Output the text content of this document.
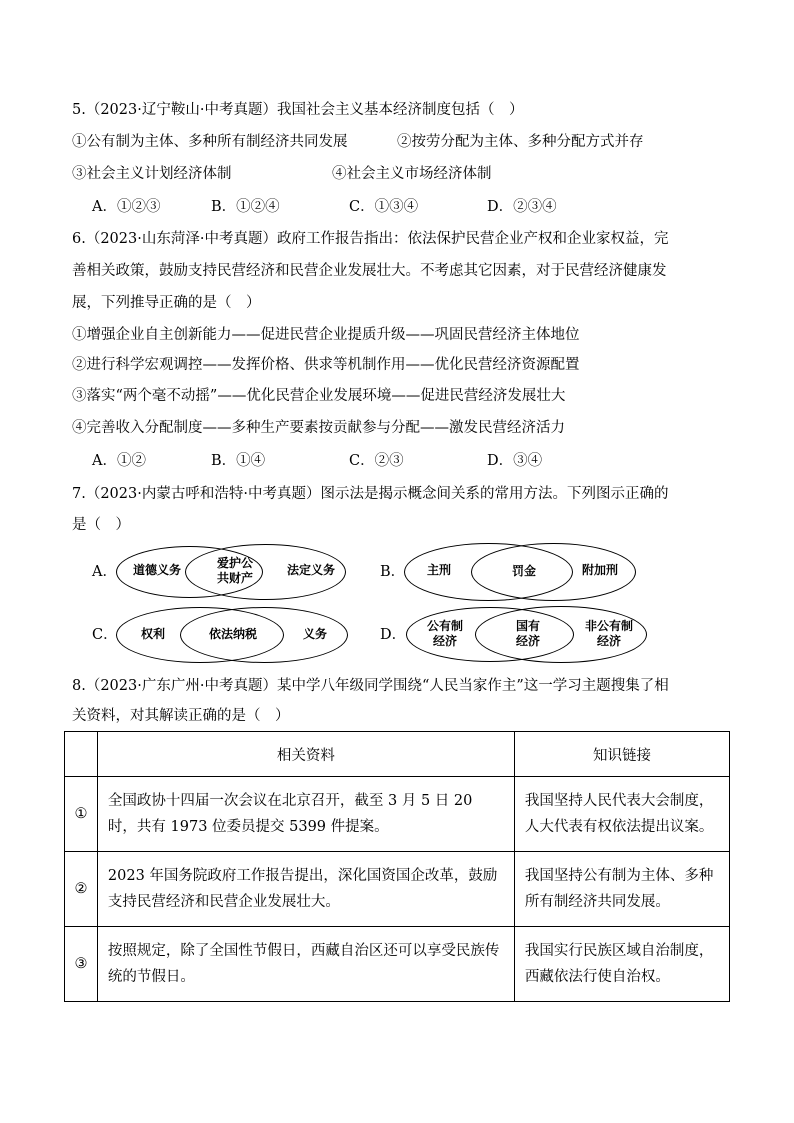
5.（2023·辽宁鞍山·中考真题）我国社会主义基本经济制度包括（　）
①公有制为主体、多种所有制经济共同发展	②按劳分配为主体、多种分配方式并存
③社会主义计划经济体制	④社会主义市场经济体制
A．①②③	B．①②④	C．①③④	D．②③④
6.（2023·山东菏泽·中考真题）政府工作报告指出：依法保护民营企业产权和企业家权益，完
善相关政策，鼓励支持民营经济和民营企业发展壮大。不考虑其它因素，对于民营经济健康发
展，下列推导正确的是（　）
①增强企业自主创新能力——促进民营企业提质升级——巩固民营经济主体地位
②进行科学宏观调控——发挥价格、供求等机制作用——优化民营经济资源配置
③落实“两个毫不动摇”——优化民营企业发展环境——促进民营经济发展壮大
④完善收入分配制度——多种生产要素按贡献参与分配——激发民营经济活力
A．①②	B．①④	C．②③	D．③④
7.（2023·内蒙古呼和浩特·中考真题）图示法是揭示概念间关系的常用方法。下列图示正确的
是（　）
A．	道德义务	爱护公
共财产
法定义务	B．	主刑	罚金	附加刑
C．	权利	依法纳税	义务	D．
公有制
经济
国有
经济
非公有制
经济
8.（2023·广东广州·中考真题）某中学八年级同学围绕“人民当家作主”这一学习主题搜集了相
关资料，对其解读正确的是（　）
	相关资料	知识链接
①	全国政协十四届一次会议在北京召开，截至 3 月 5 日 20 时，共有 1973 位委员提交 5399 件提案。	我国坚持人民代表大会制度，人大代表有权依法提出议案。
②	2023 年国务院政府工作报告提出，深化国资国企改革，鼓励支持民营经济和民营企业发展壮大。	我国坚持公有制为主体、多种所有制经济共同发展。
③	按照规定，除了全国性节假日，西藏自治区还可以享受民族传统的节假日。	我国实行民族区域自治制度，西藏依法行使自治权。
